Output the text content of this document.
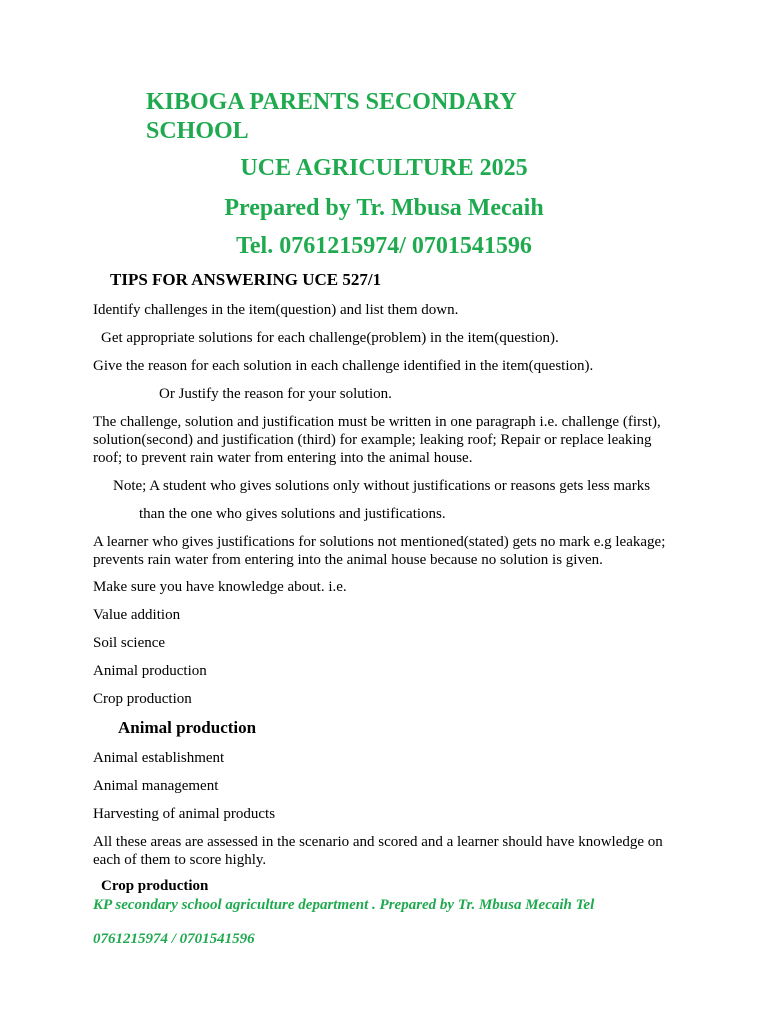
KIBOGA PARENTS SECONDARY SCHOOL
UCE AGRICULTURE 2025
Prepared by Tr. Mbusa Mecaih
Tel. 0761215974/ 0701541596
TIPS FOR ANSWERING UCE 527/1
Identify challenges in the item(question) and list them down.
Get appropriate solutions for each challenge(problem) in the item(question).
Give the reason for each solution in each challenge identified in the item(question).
Or Justify the reason for your solution.
The challenge, solution and justification must be written in one paragraph i.e. challenge (first), solution(second) and justification (third) for example; leaking roof; Repair or replace leaking roof; to prevent rain water from entering into the animal house.
Note; A student who gives solutions only without justifications or reasons gets less marks
than the one who gives solutions and justifications.
A learner who gives justifications for solutions not mentioned(stated) gets no mark e.g leakage; prevents rain water from entering into the animal house because no solution is given.
Make sure you have knowledge about. i.e.
Value addition
Soil science
Animal production
Crop production
Animal production
Animal establishment
Animal management
Harvesting of animal products
All these areas are assessed in the scenario and scored and a learner should have knowledge on each of them to score highly.
Crop production
KP secondary school agriculture department . Prepared by Tr. Mbusa Mecaih Tel
0761215974 / 0701541596
